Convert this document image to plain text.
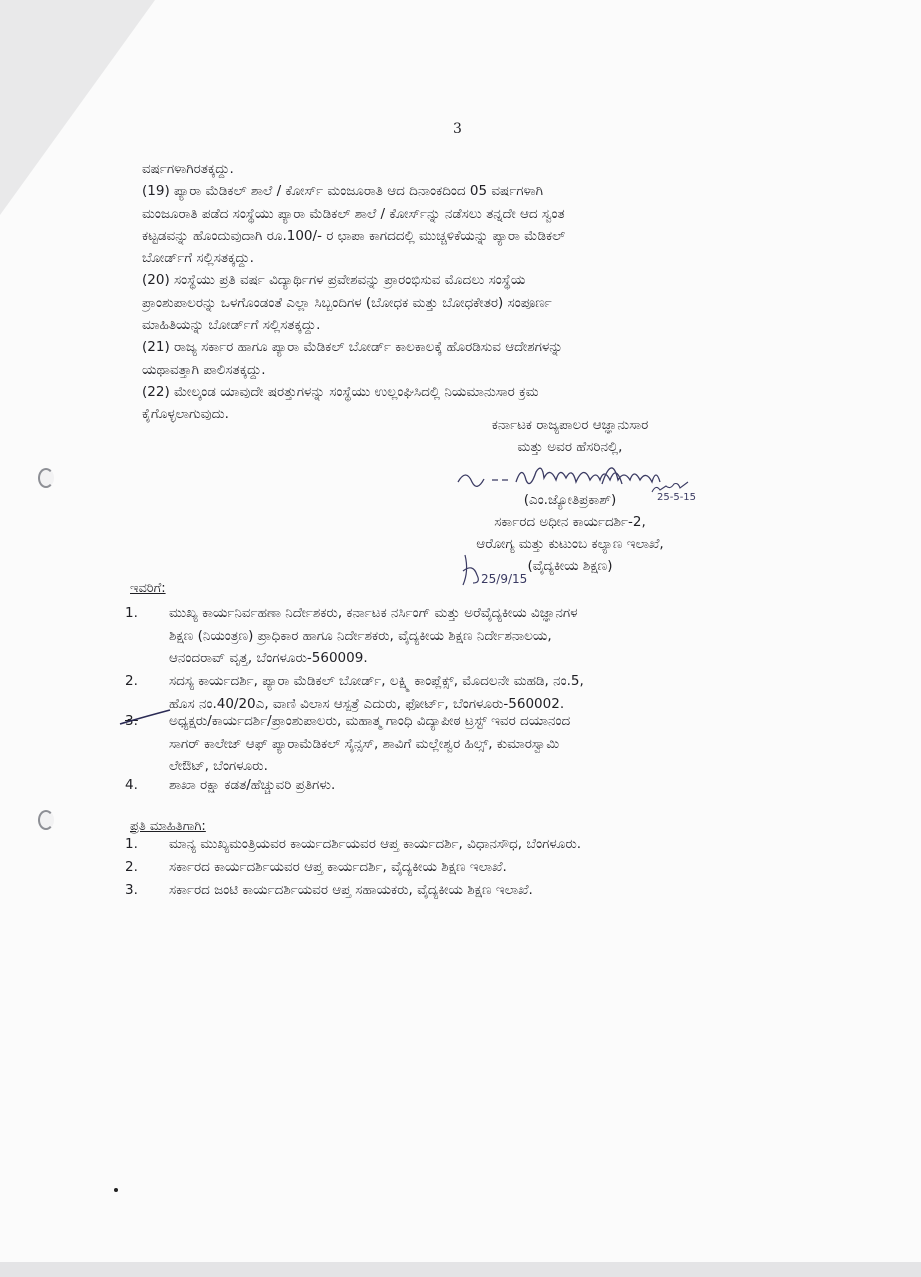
3
ವರ್ಷಗಳಾಗಿರತಕ್ಕದ್ದು.
(19) ಪ್ಯಾರಾ ಮೆಡಿಕಲ್ ಶಾಲೆ / ಕೋರ್ಸ್ ಮಂಜೂರಾತಿ ಆದ ದಿನಾಂಕದಿಂದ 05 ವರ್ಷಗಳಾಗಿ
ಮಂಜೂರಾತಿ ಪಡೆದ ಸಂಸ್ಥೆಯು ಪ್ಯಾರಾ ಮೆಡಿಕಲ್ ಶಾಲೆ / ಕೋರ್ಸ್‌ನ್ನು ನಡೆಸಲು ತನ್ನದೇ ಆದ ಸ್ವಂತ
ಕಟ್ಟಡವನ್ನು ಹೊಂದುವುದಾಗಿ ರೂ.100/- ರ ಛಾಪಾ ಕಾಗದದಲ್ಲಿ ಮುಚ್ಚಳಿಕೆಯನ್ನು ಪ್ಯಾರಾ ಮೆಡಿಕಲ್
ಬೋರ್ಡ್‌ಗೆ ಸಲ್ಲಿಸತಕ್ಕದ್ದು.
(20) ಸಂಸ್ಥೆಯು ಪ್ರತಿ ವರ್ಷ ವಿದ್ಯಾರ್ಥಿಗಳ ಪ್ರವೇಶವನ್ನು ಪ್ರಾರಂಭಿಸುವ ಮೊದಲು ಸಂಸ್ಥೆಯ
ಪ್ರಾಂಶುಪಾಲರನ್ನು ಒಳಗೊಂಡಂತೆ ಎಲ್ಲಾ ಸಿಬ್ಬಂದಿಗಳ (ಬೋಧಕ ಮತ್ತು ಬೋಧಕೇತರ) ಸಂಪೂರ್ಣ
ಮಾಹಿತಿಯನ್ನು ಬೋರ್ಡ್‌ಗೆ ಸಲ್ಲಿಸತಕ್ಕದ್ದು.
(21) ರಾಜ್ಯ ಸರ್ಕಾರ ಹಾಗೂ ಪ್ಯಾರಾ ಮೆಡಿಕಲ್ ಬೋರ್ಡ್ ಕಾಲಕಾಲಕ್ಕೆ ಹೊರಡಿಸುವ ಆದೇಶಗಳನ್ನು
ಯಥಾವತ್ತಾಗಿ ಪಾಲಿಸತಕ್ಕದ್ದು.
(22) ಮೇಲ್ಕಂಡ ಯಾವುದೇ ಷರತ್ತುಗಳನ್ನು ಸಂಸ್ಥೆಯು ಉಲ್ಲಂಘಿಸಿದಲ್ಲಿ ನಿಯಮಾನುಸಾರ ಕ್ರಮ
ಕೈಗೊಳ್ಳಲಾಗುವುದು.
ಕರ್ನಾಟಕ ರಾಜ್ಯಪಾಲರ ಆಜ್ಞಾನುಸಾರ
ಮತ್ತು ಅವರ ಹೆಸರಿನಲ್ಲಿ,
25-5-15
(ಎಂ.ಜ್ಯೋತಿಪ್ರಕಾಶ್)
ಸರ್ಕಾರದ ಅಧೀನ ಕಾರ್ಯದರ್ಶಿ-2,
ಆರೋಗ್ಯ ಮತ್ತು ಕುಟುಂಬ ಕಲ್ಯಾಣ ಇಲಾಖೆ,
(ವೈದ್ಯಕೀಯ ಶಿಕ್ಷಣ)
25/9/15
ಇವರಿಗೆ:
1.	ಮುಖ್ಯ ಕಾರ್ಯನಿರ್ವಹಣಾ ನಿರ್ದೇಶಕರು, ಕರ್ನಾಟಕ ನರ್ಸಿಂಗ್ ಮತ್ತು ಅರೆವೈದ್ಯಕೀಯ ವಿಜ್ಞಾನಗಳ
ಶಿಕ್ಷಣ (ನಿಯಂತ್ರಣ) ಪ್ರಾಧಿಕಾರ ಹಾಗೂ ನಿರ್ದೇಶಕರು, ವೈದ್ಯಕೀಯ ಶಿಕ್ಷಣ ನಿರ್ದೇಶನಾಲಯ,
ಆನಂದರಾವ್ ವೃತ್ತ, ಬೆಂಗಳೂರು-560009.
2.	ಸದಸ್ಯ ಕಾರ್ಯದರ್ಶಿ, ಪ್ಯಾರಾ ಮೆಡಿಕಲ್ ಬೋರ್ಡ್, ಲಕ್ಷ್ಮಿ ಕಾಂಪ್ಲೆಕ್ಸ್, ಮೊದಲನೇ ಮಹಡಿ, ನಂ.5,
ಹೊಸ ನಂ.40/20ಎ, ವಾಣಿ ವಿಲಾಸ ಆಸ್ಪತ್ರೆ ಎದುರು, ಫೋರ್ಟ್, ಬೆಂಗಳೂರು-560002.
3.	ಅಧ್ಯಕ್ಷರು/ಕಾರ್ಯದರ್ಶಿ/ಪ್ರಾಂಶುಪಾಲರು, ಮಹಾತ್ಮ ಗಾಂಧಿ ವಿದ್ಯಾಪೀಠ ಟ್ರಸ್ಟ್ ಇವರ ದಯಾನಂದ
ಸಾಗರ್ ಕಾಲೇಜ್ ಆಫ್ ಪ್ಯಾರಾಮೆಡಿಕಲ್ ಸೈನ್ಸಸ್, ಶಾವಿಗೆ ಮಲ್ಲೇಶ್ವರ ಹಿಲ್ಸ್, ಕುಮಾರಸ್ವಾಮಿ
ಲೇಔಟ್, ಬೆಂಗಳೂರು.
4.	ಶಾಖಾ ರಕ್ಷಾ ಕಡತ/ಹೆಚ್ಚುವರಿ ಪ್ರತಿಗಳು.
ಪ್ರತಿ ಮಾಹಿತಿಗಾಗಿ:
1.	ಮಾನ್ಯ ಮುಖ್ಯಮಂತ್ರಿಯವರ ಕಾರ್ಯದರ್ಶಿಯವರ ಆಪ್ತ ಕಾರ್ಯದರ್ಶಿ, ವಿಧಾನಸೌಧ, ಬೆಂಗಳೂರು.
2.	ಸರ್ಕಾರದ ಕಾರ್ಯದರ್ಶಿಯವರ ಆಪ್ತ ಕಾರ್ಯದರ್ಶಿ, ವೈದ್ಯಕೀಯ ಶಿಕ್ಷಣ ಇಲಾಖೆ.
3.	ಸರ್ಕಾರದ ಜಂಟಿ ಕಾರ್ಯದರ್ಶಿಯವರ ಆಪ್ತ ಸಹಾಯಕರು, ವೈದ್ಯಕೀಯ ಶಿಕ್ಷಣ ಇಲಾಖೆ.
